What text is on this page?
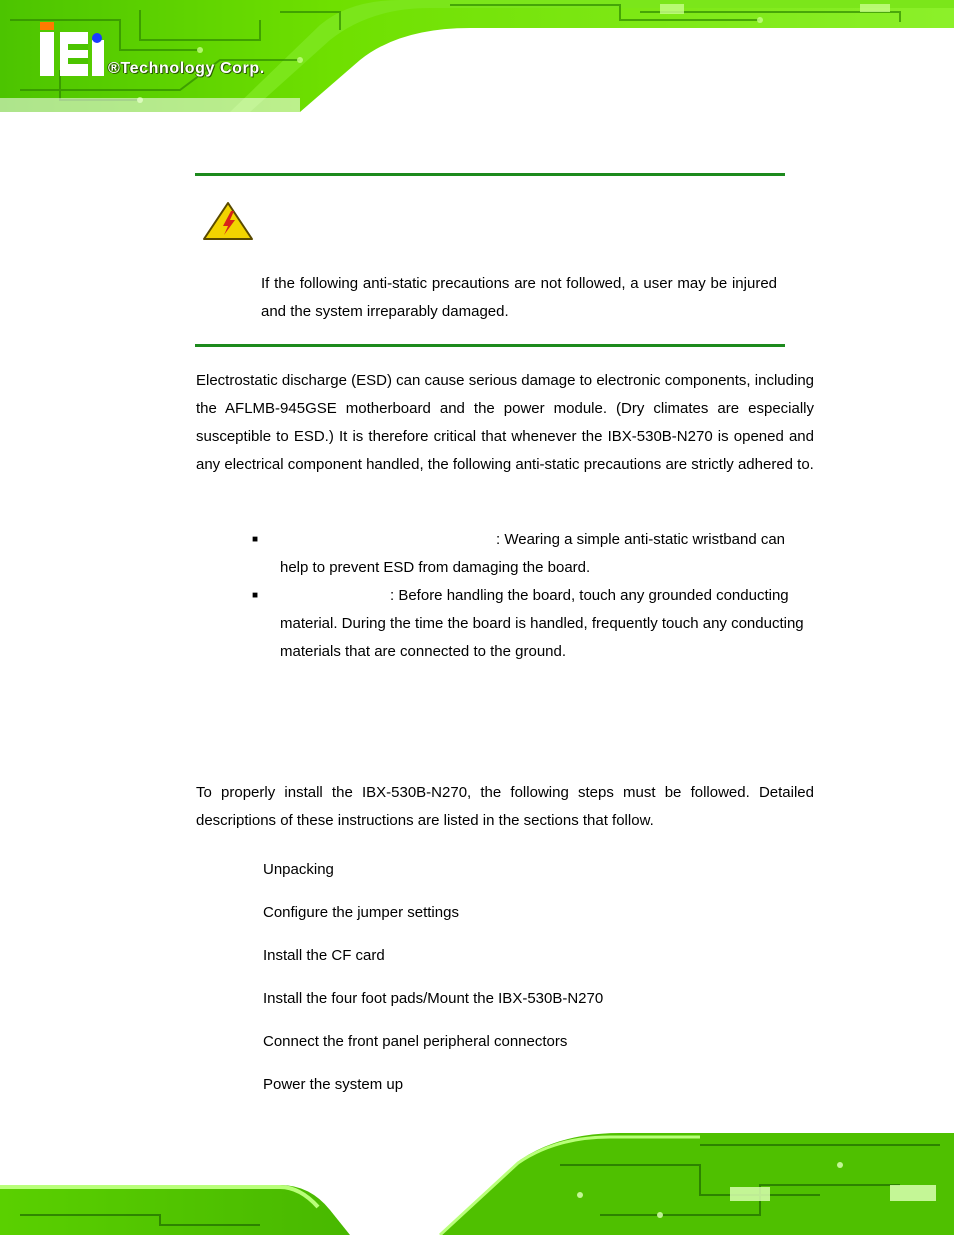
®Technology Corp.
If the following anti-static precautions are not followed, a user may be injured and the system irreparably damaged.
Electrostatic discharge (ESD) can cause serious damage to electronic components, including the AFLMB-945GSE motherboard and the power module. (Dry climates are especially susceptible to ESD.) It is therefore critical that whenever the IBX-530B-N270 is opened and any electrical component handled, the following anti-static precautions are strictly adhered to.
■	: Wearing a simple anti-static wristband can help to prevent ESD from damaging the board.
■	: Before handling the board, touch any grounded conducting material. During the time the board is handled, frequently touch any conducting materials that are connected to the ground.
To properly install the IBX-530B-N270, the following steps must be followed. Detailed descriptions of these instructions are listed in the sections that follow.
Unpacking
Configure the jumper settings
Install the CF card
Install the four foot pads/Mount the IBX-530B-N270
Connect the front panel peripheral connectors
Power the system up
